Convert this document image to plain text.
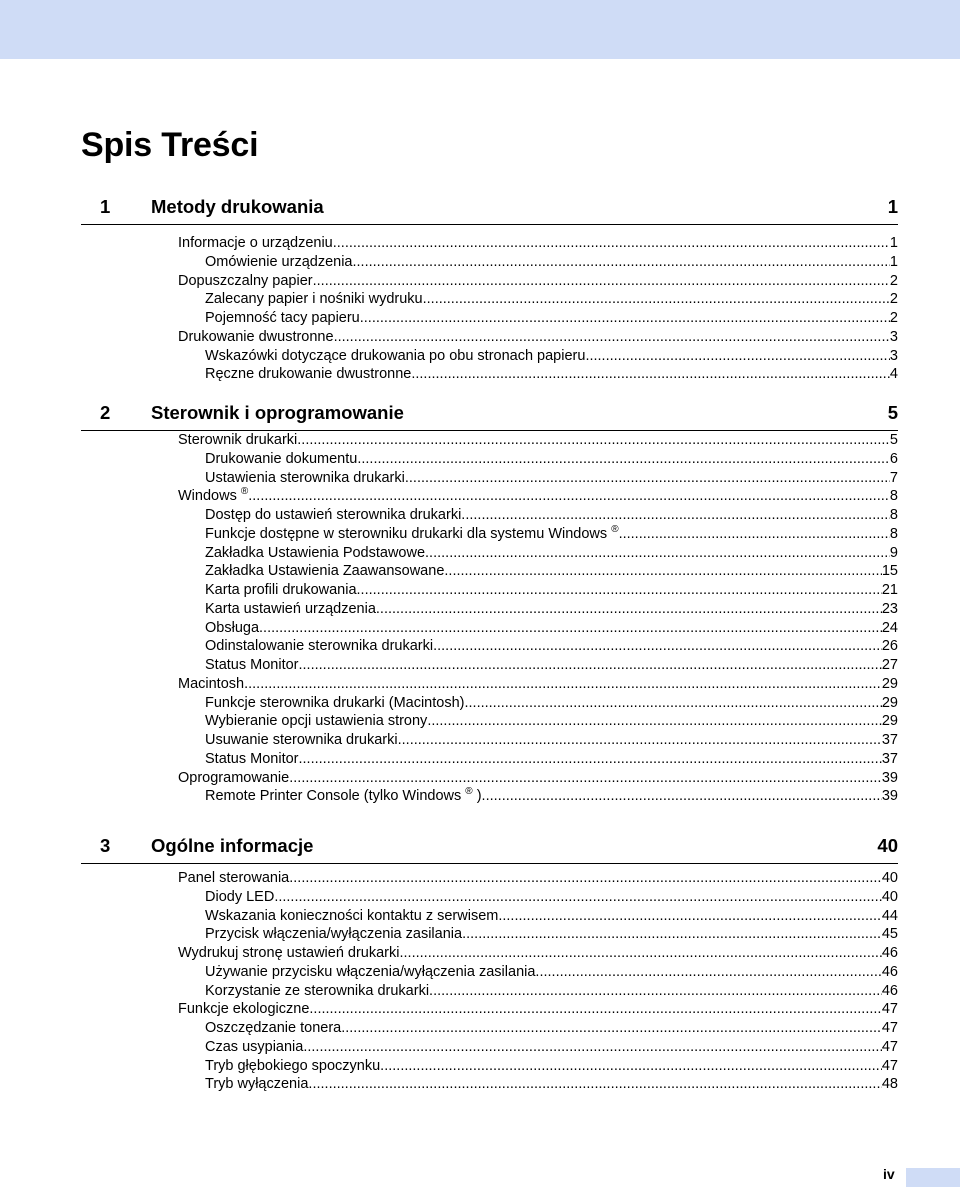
Spis Treści
1 Metody drukowania	1
Informacje o urządzeniu .....	1
Omówienie urządzenia .....	1
Dopuszczalny papier .....	2
Zalecany papier i nośniki wydruku .....	2
Pojemność tacy papieru .....	2
Drukowanie dwustronne .....	3
Wskazówki dotyczące drukowania po obu stronach papieru .....	3
Ręczne drukowanie dwustronne .....	4
2 Sterownik i oprogramowanie	5
Sterownik drukarki .....	5
Drukowanie dokumentu .....	6
Ustawienia sterownika drukarki .....	7
Windows ® .....	8
Dostęp do ustawień sterownika drukarki .....	8
Funkcje dostępne w sterowniku drukarki dla systemu Windows ® .....	8
Zakładka Ustawienia Podstawowe .....	9
Zakładka Ustawienia Zaawansowane .....	15
Karta profili drukowania .....	21
Karta ustawień urządzenia .....	23
Obsługa .....	24
Odinstalowanie sterownika drukarki .....	26
Status Monitor .....	27
Macintosh .....	29
Funkcje sterownika drukarki (Macintosh) .....	29
Wybieranie opcji ustawienia strony .....	29
Usuwanie sterownika drukarki .....	37
Status Monitor .....	37
Oprogramowanie .....	39
Remote Printer Console (tylko Windows ® ) .....	39
3 Ogólne informacje	40
Panel sterowania .....	40
Diody LED .....	40
Wskazania konieczności kontaktu z serwisem .....	44
Przycisk włączenia/wyłączenia zasilania .....	45
Wydrukuj stronę ustawień drukarki .....	46
Używanie przycisku włączenia/wyłączenia zasilania .....	46
Korzystanie ze sterownika drukarki .....	46
Funkcje ekologiczne .....	47
Oszczędzanie tonera .....	47
Czas usypiania .....	47
Tryb głębokiego spoczynku .....	47
Tryb wyłączenia .....	48
iv
